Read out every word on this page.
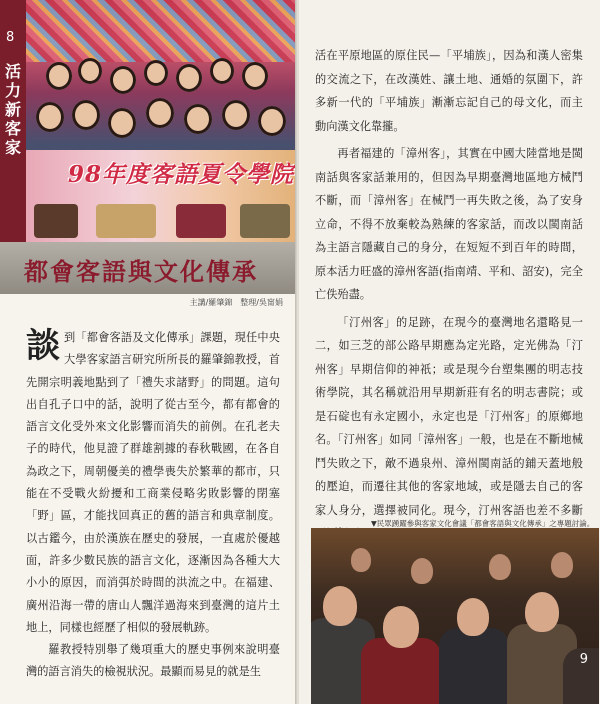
98年度客語夏令學院
8
活力新客家
都會客語與文化傳承
主講/羅肇錦　整理/吳甯娟

談到「都會客語及文化傳承」課題，現任中央大學客家語言研究所所長的羅肇錦教授，首先開宗明義地點到了「禮失求諸野」的問題。這句出自孔子口中的話，說明了從古至今，都有都會的語言文化受外來文化影響而消失的前例。在孔老夫子的時代，他見證了群雄割據的春秋戰國，在各自為政之下，周朝優美的禮學喪失於繁華的都市，只能在不受戰火紛擾和工商業侵略劣敗影響的閉塞「野」區，才能找回真正的舊的語言和典章制度。以古鑑今，由於漢族在歷史的發展，一直處於優越面，許多少數民族的語言文化，逐漸因為各種大大小小的原因，而消弭於時間的洪流之中。在福建、廣州沿海一帶的唐山人飄洋過海來到臺灣的這片土地上，同樣也經歷了相似的發展軌跡。

羅教授特別舉了幾項重大的歷史事例來說明臺灣的語言消失的檢視狀況。最顯而易見的就是生

活在平原地區的原住民—「平埔族」，因為和漢人密集的交流之下，在改漢姓、讓土地、通婚的氛圍下，許多新一代的「平埔族」漸漸忘記自己的母文化，而主動向漢文化靠攏。

再者福建的「漳州客」，其實在中國大陸當地是閩南話與客家話兼用的，但因為早期臺灣地區地方械鬥不斷，而「漳州客」在械鬥一再失敗之後，為了安身立命，不得不放棄較為熟練的客家話，而改以閩南話為主語言隱藏自己的身分，在短短不到百年的時間，原本活力旺盛的漳州客語(指南靖、平和、詔安)，完全亡佚殆盡。

「汀州客」的足跡，在現今的臺灣地名還略見一二，如三芝的部公路早期應為定光路，定光佛為「汀州客」早期信仰的神祇；或是現今台塑集團的明志技術學院，其名稱就沿用早期新莊有名的明志書院；或是石碇也有永定國小，永定也是「汀州客」的原鄉地名。「汀州客」如同「漳州客」一般，也是在不斷地械鬥失敗之下，敵不過泉州、漳州閩南話的鋪天蓋地般的壓迫，而遷往其他的客家地域，或是隱去自己的客家人身分，選擇被同化。現今，汀州客語也差不多斷

▼民眾踴躍參與客家文化會議「都會客語與文化傳承」之專題討論。
9
